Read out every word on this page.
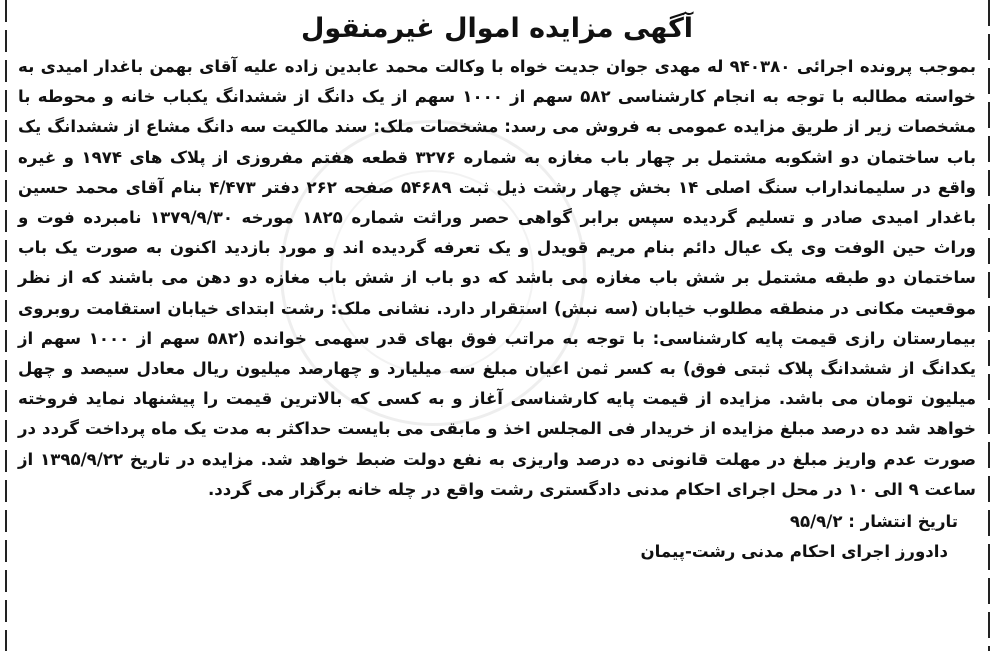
آگهی مزایده اموال غیرمنقول

بموجب پرونده اجرائی ۹۴۰۳۸۰ له مهدی جوان جدیت خواه با وکالت محمد عابدین زاده علیه آقای بهمن باغدار امیدی به خواسته مطالبه با توجه به انجام کارشناسی ۵۸۲ سهم از ۱۰۰۰ سهم از یک دانگ از ششدانگ یکباب خانه و محوطه با مشخصات زیر از طریق مزایده عمومی به فروش می رسد: مشخصات ملک: سند مالکیت سه دانگ مشاع از ششدانگ یک باب ساختمان دو اشکوبه مشتمل بر چهار باب مغازه به شماره ۳۲۷۶ قطعه هفتم مفروزی از پلاک های ۱۹۷۴ و غیره واقع در سلیمانداراب سنگ اصلی ۱۴ بخش چهار رشت ذیل ثبت ۵۴۶۸۹ صفحه ۲۶۲ دفتر ۴/۴۷۳ بنام آقای محمد حسین باغدار امیدی صادر و تسلیم گردیده سپس برابر گواهی حصر وراثت شماره ۱۸۲۵ مورخه ۱۳۷۹/۹/۳۰ نامبرده فوت و وراث حین الوفت وی یک عیال دائم بنام مریم قویدل و یک تعرفه گردیده اند و مورد بازدید اکنون به صورت یک باب ساختمان دو طبقه مشتمل بر شش باب مغازه می باشد که دو باب از شش باب مغازه دو دهن می باشند که از نظر موقعیت مکانی در منطقه مطلوب خیابان (سه نبش) استقرار دارد. نشانی ملک: رشت ابتدای خیابان استقامت روبروی بیمارستان رازی قیمت پایه کارشناسی: با توجه به مراتب فوق بهای قدر سهمی خوانده (۵۸۲ سهم از ۱۰۰۰ سهم از یکدانگ از ششدانگ پلاک ثبتی فوق) به کسر ثمن اعیان مبلغ سه میلیارد و چهارصد میلیون ریال معادل سیصد و چهل میلیون تومان می باشد. مزایده از قیمت پایه کارشناسی آغاز و به کسی که بالاترین قیمت را پیشنهاد نماید فروخته خواهد شد ده درصد مبلغ مزایده از خریدار فی المجلس اخذ و مابقی می بایست حداکثر به مدت یک ماه پرداخت گردد در صورت عدم واریز مبلغ در مهلت قانونی ده درصد واریزی به نفع دولت ضبط خواهد شد. مزایده در تاریخ ۱۳۹۵/۹/۲۲ از ساعت ۹ الی ۱۰ در محل اجرای احکام مدنی دادگستری رشت واقع در چله خانه برگزار می گردد.

تاریخ انتشار : ۹۵/۹/۲
دادورز اجرای احکام مدنی رشت-پیمان
